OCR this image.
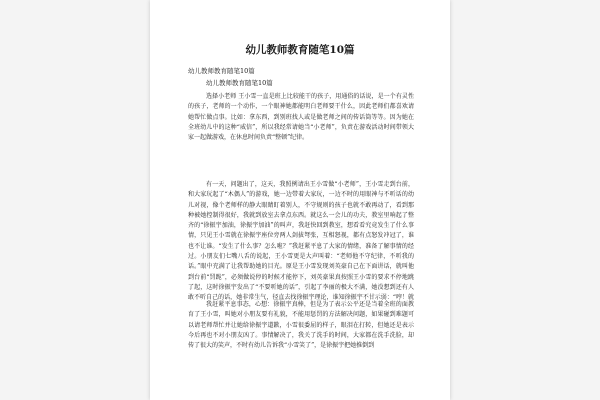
幼儿教师教育随笔10篇
幼儿教师教育随笔10篇
幼儿教师教育随笔10篇

选择小老师 王小雪一直是班上比较能干的孩子，用通俗的话说，是一个有灵性的孩子，老师的一个动作，一个眼神她都能明白老师要干什么，因此老师们都喜欢请她帮忙做点事。比如：拿东西，到别班找人或是做老师之间的传话筒等等。因为她在全班幼儿中的这种“威信”，所以我经常请她当“小老师”，负责在游戏活动时间带领大家一起做游戏，在休息时间负责“整顿”纪律。

有一天，问题出了，这天，我照例请出王小雪做“小老师”，王小雪走到台前，和大家玩起了“木偶人”的游戏，她一边带着大家玩，一边不时的用眼神与不听话的幼儿对视，像个老师样的静大眼睛盯着别人，不守规则的孩子也就不敢再动了，看到那种被她控制得很好，我就到放室去拿点东西。就这么一会儿的功夫，教室里响起了整齐的“徐振宇加油，徐振宇加油”的叫声，我赶快回到教室，想看看究竟发生了什么事情，只见王小雪就在徐振宇座位旁两人剑拔弩张，互相怒视，都有点怒发冲冠了，谁也不让谁。“发生了什么事？怎么啦？”我赶紧平息了大家的情绪，准备了解事情的经过。小朋友们七嘴八舌的说起，王小雪更是大声叫着：“老师他不守纪律，不听我的话。”眼中充满了让我帮助她的目光。原是王小雪发现刘英豪自己在下面讲话，就叫他到台前“罚跪”，必须做说停的时候才能停下，刘英豪果真按照王小雪的要求不停地跳了起，这时徐振宇发出了“不要听她的话”，引起了李丽的极大不满，她没想到还有人敢不听自己的话，她非常生气，径直去找徐振宇理论，谁知徐振宇不甘示弱：“哼！就

我赶紧平息事态，心想：徐振宇真棒，但是为了表示公平还是当着全班的面教育了王小雪，叫她对小朋友要有礼貌，不能用惩罚的方法解决问题，如果碰到难题可以请老师帮忙并让她给徐振宇道歉，小雪很委屈的样子，眼泪在打转，但她还是表示今后再也不对小朋友凶了。事情解决了，我关了洗手的时间，大家都在洗手洗脸，却传了很大的笑声，不时有幼儿告诉我“小雪笑了”，是徐振宇把她推倒到
